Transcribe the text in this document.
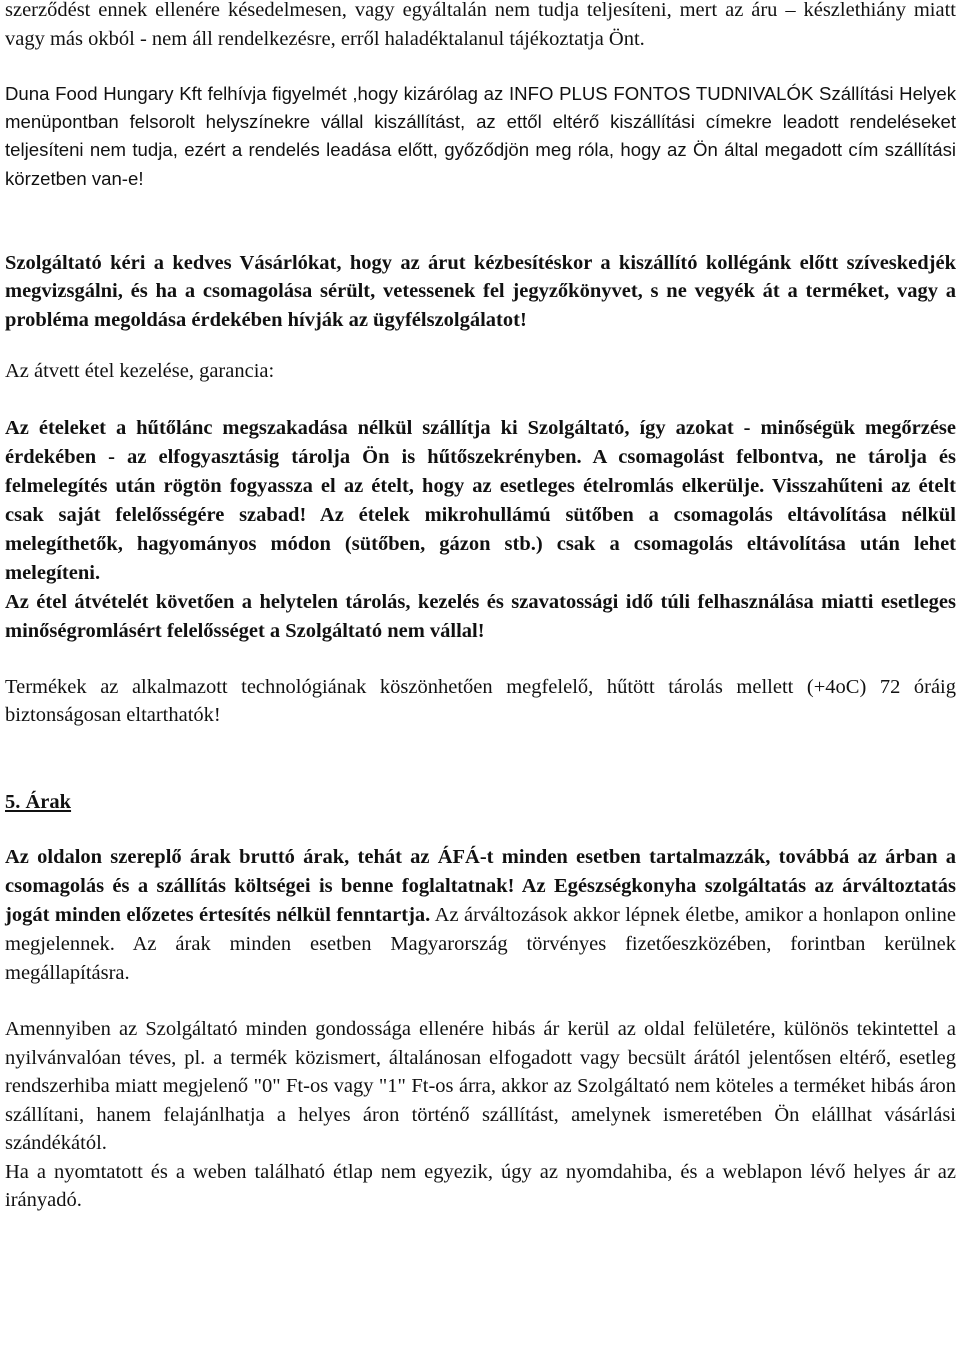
szerződést ennek ellenére késedelmesen, vagy egyáltalán nem tudja teljesíteni, mert az áru – készlethiány miatt vagy más okból - nem áll rendelkezésre, erről haladéktalanul tájékoztatja Önt.

Duna Food Hungary Kft felhívja figyelmét ,hogy kizárólag az INFO PLUS FONTOS TUDNIVALÓK Szállítási Helyek menüpontban felsorolt helyszínekre vállal kiszállítást, az ettől eltérő kiszállítási címekre leadott rendeléseket teljesíteni nem tudja, ezért a rendelés leadása előtt, győződjön meg róla, hogy az Ön által megadott cím szállítási körzetben van-e!

Szolgáltató kéri a kedves Vásárlókat, hogy az árut kézbesítéskor a kiszállító kollégánk előtt szíveskedjék megvizsgálni, és ha a csomagolása sérült, vetessenek fel jegyzőkönyvet, s ne vegyék át a terméket, vagy a probléma megoldása érdekében hívják az ügyfélszolgálatot!

Az átvett étel kezelése, garancia:

Az ételeket a hűtőlánc megszakadása nélkül szállítja ki Szolgáltató, így azokat - minőségük megőrzése érdekében - az elfogyasztásig tárolja Ön is hűtőszekrényben. A csomagolást felbontva, ne tárolja és felmelegítés után rögtön fogyassza el az ételt, hogy az esetleges ételromlás elkerülje. Visszahűteni az ételt csak saját felelősségére szabad! Az ételek mikrohullámú sütőben a csomagolás eltávolítása nélkül melegíthetők, hagyományos módon (sütőben, gázon stb.) csak a csomagolás eltávolítása után lehet melegíteni.

Az étel átvételét követően a helytelen tárolás, kezelés és szavatossági idő túli felhasználása miatti esetleges minőségromlásért felelősséget a Szolgáltató nem vállal!

Termékek az alkalmazott technológiának köszönhetően megfelelő, hűtött tárolás mellett (+4oC) 72 óráig biztonságosan eltarthatók!

5. Árak

Az oldalon szereplő árak bruttó árak, tehát az ÁFÁ-t minden esetben tartalmazzák, továbbá az árban a csomagolás és a szállítás költségei is benne foglaltatnak! Az Egészségkonyha szolgáltatás az árváltoztatás jogát minden előzetes értesítés nélkül fenntartja. Az árváltozások akkor lépnek életbe, amikor a honlapon online megjelennek. Az árak minden esetben Magyarország törvényes fizetőeszközében, forintban kerülnek megállapításra.

Amennyiben az Szolgáltató minden gondossága ellenére hibás ár kerül az oldal felületére, különös tekintettel a nyilvánvalóan téves, pl. a termék közismert, általánosan elfogadott vagy becsült árától jelentősen eltérő, esetleg rendszerhiba miatt megjelenő "0" Ft-os vagy "1" Ft-os árra, akkor az Szolgáltató nem köteles a terméket hibás áron szállítani, hanem felajánlhatja a helyes áron történő szállítást, amelynek ismeretében Ön elállhat vásárlási szándékától.

Ha a nyomtatott és a weben található étlap nem egyezik, úgy az nyomdahiba, és a weblapon lévő helyes ár az irányadó.
